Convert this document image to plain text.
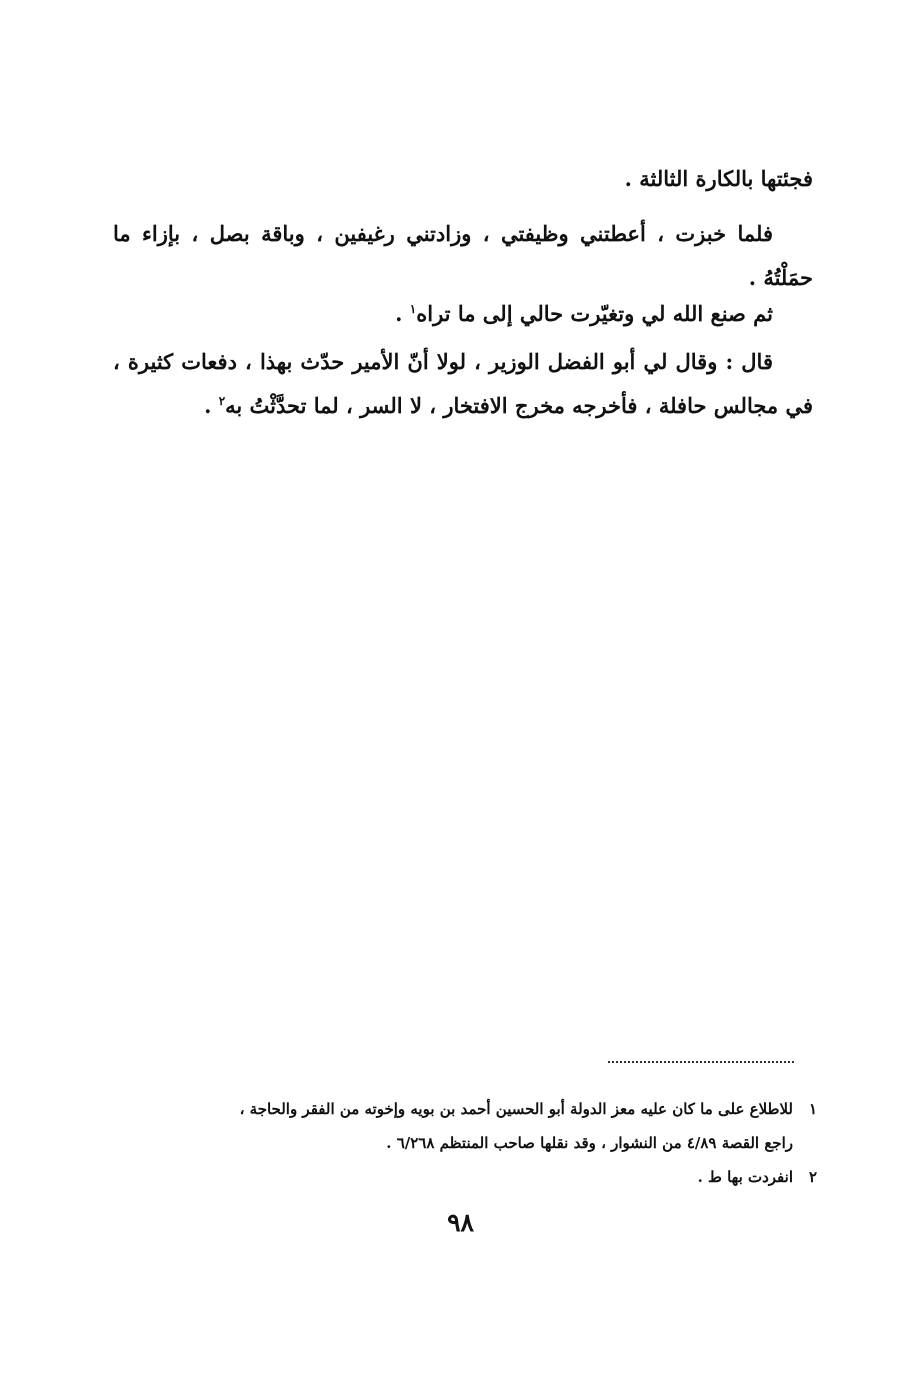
فجئتها بالكارة الثالثة .

فلما خبزت ، أعطتني وظيفتي ، وزادتني رغيفين ، وباقة بصل ، بإزاء ما حمَلْتُهُ .

ثم صنع الله لي وتغيّرت حالي إلى ما تراه$^١$ .

قال : وقال لي أبو الفضل الوزير ، لولا أنّ الأمير حدّث بهذا ، دفعات كثيرة ، في مجالس حافلة ، فأخرجه مخرج الافتخار ، لا السر ، لما تحدَّثْتُ به$^٢$ .

١
للاطلاع على ما كان عليه معز الدولة أبو الحسين أحمد بن بويه وإخوته من الفقر والحاجة ،
راجع القصة ٤/٨٩ من النشوار ، وقد نقلها صاحب المنتظم ٦/٢٦٨ .
٢
انفردت بها ط .
٩٨
